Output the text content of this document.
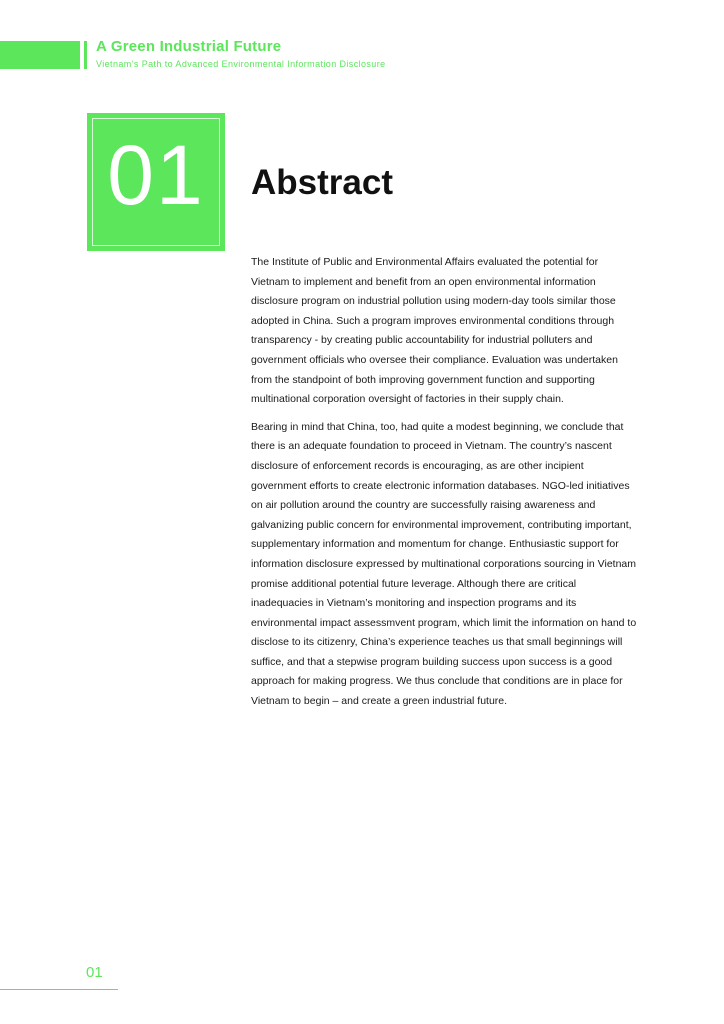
A Green Industrial Future
Vietnam’s Path to Advanced Environmental Information Disclosure
01	Abstract

The Institute of Public and Environmental Affairs evaluated the potential for Vietnam to implement and benefit from an open environmental information disclosure program on industrial pollution using modern-day tools similar those adopted in China. Such a program improves environmental conditions through transparency - by creating public accountability for industrial polluters and government officials who oversee their compliance. Evaluation was undertaken from the standpoint of both improving government function and supporting multinational corporation oversight of factories in their supply chain.

Bearing in mind that China, too, had quite a modest beginning, we conclude that there is an adequate foundation to proceed in Vietnam. The country’s nascent disclosure of enforcement records is encouraging, as are other incipient government efforts to create electronic information databases. NGO-led initiatives on air pollution around the country are successfully raising awareness and galvanizing public concern for environmental improvement, contributing important, supplementary information and momentum for change. Enthusiastic support for information disclosure expressed by multinational corporations sourcing in Vietnam promise additional potential future leverage. Although there are critical inadequacies in Vietnam’s monitoring and inspection programs and its environmental impact assessmvent program, which limit the information on hand to disclose to its citizenry, China’s experience teaches us that small beginnings will suffice, and that a stepwise program building success upon success is a good approach for making progress. We thus conclude that conditions are in place for Vietnam to begin – and create a green industrial future.

01
